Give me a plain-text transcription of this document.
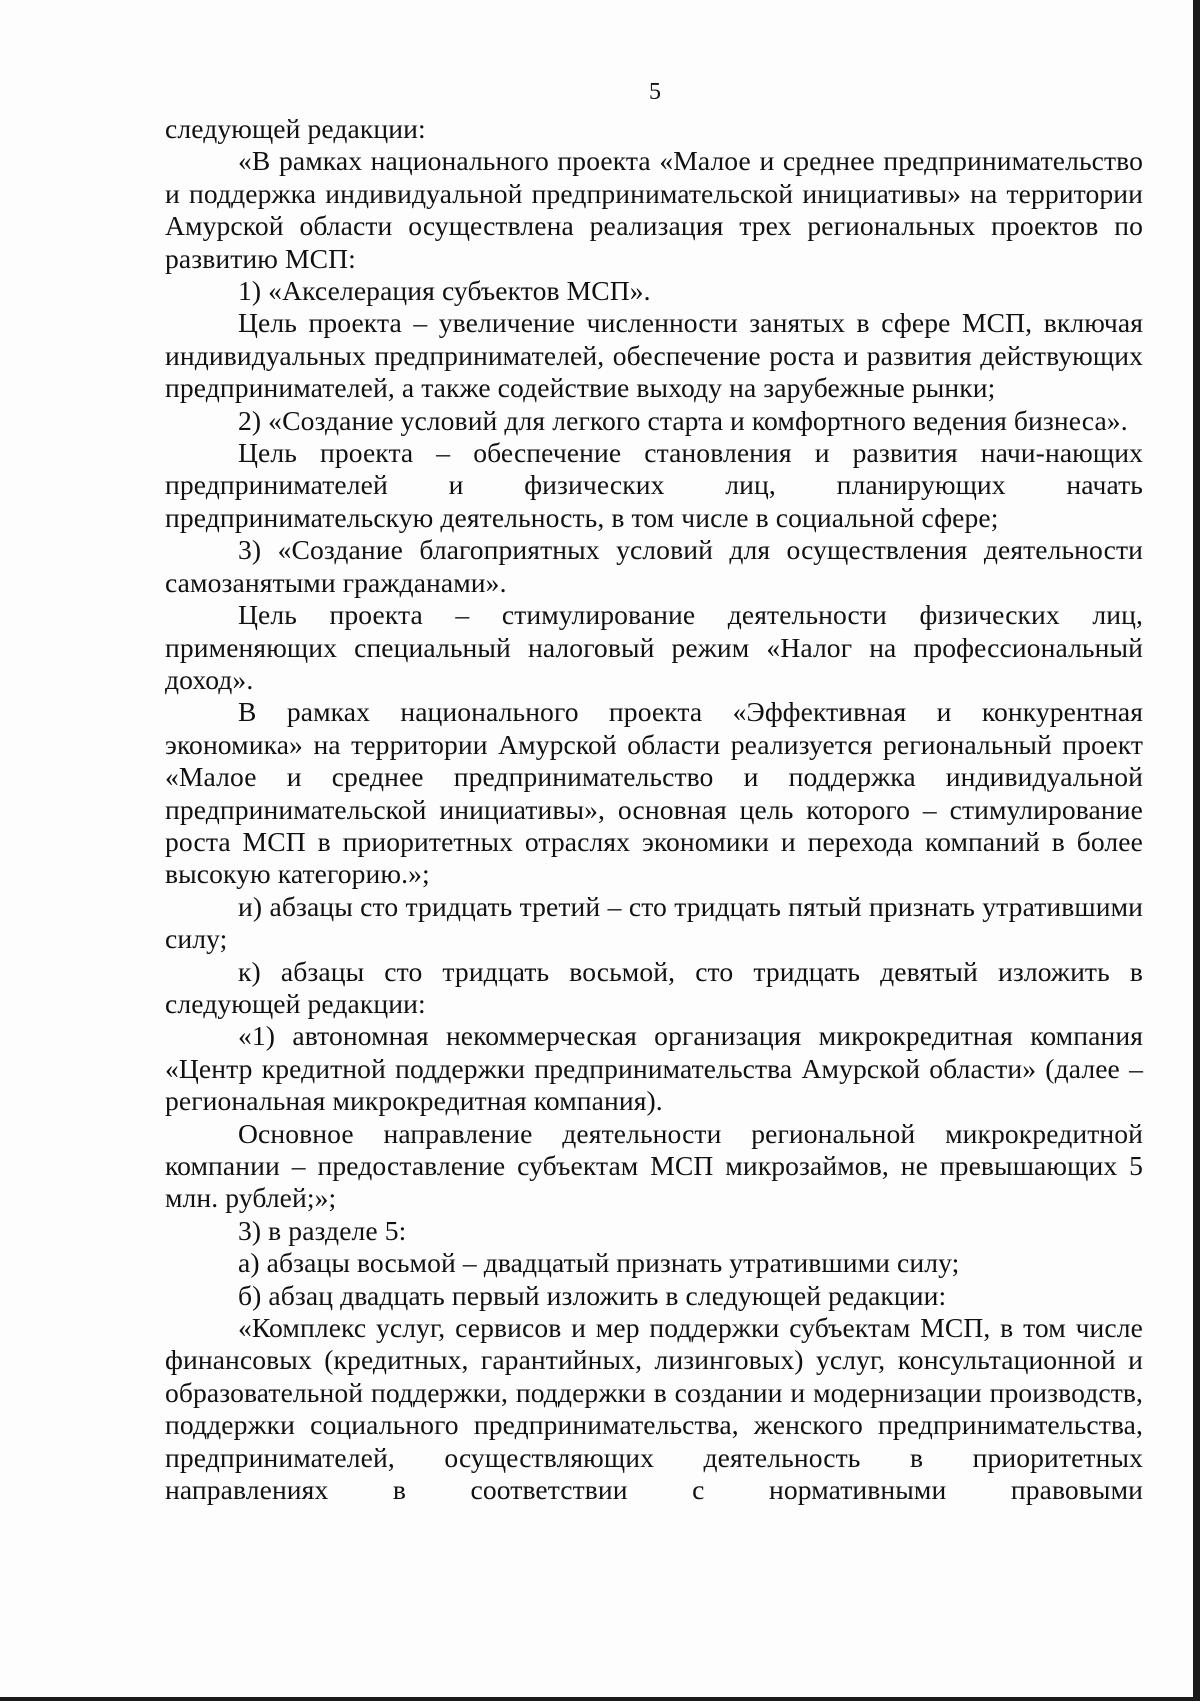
5

следующей редакции:

«В рамках национального проекта «Малое и среднее предпринимательство и поддержка индивидуальной предпринимательской инициативы» на территории Амурской области осуществлена реализация трех региональных проектов по развитию МСП:

1) «Акселерация субъектов МСП».

Цель проекта – увеличение численности занятых в сфере МСП, включая индивидуальных предпринимателей, обеспечение роста и развития действующих предпринимателей, а также содействие выходу на зарубежные рынки;

2) «Создание условий для легкого старта и комфортного ведения бизнеса».

Цель проекта – обеспечение становления и развития начи-нающих предпринимателей и физических лиц, планирующих начать предпринимательскую деятельность, в том числе в социальной сфере;

3) «Создание благоприятных условий для осуществления деятельности самозанятыми гражданами».

Цель проекта – стимулирование деятельности физических лиц, применяющих специальный налоговый режим «Налог на профессиональный доход».

В рамках национального проекта «Эффективная и конкурентная экономика» на территории Амурской области реализуется региональный проект «Малое и среднее предпринимательство и поддержка индивидуальной предпринимательской инициативы», основная цель которого – стимулирование роста МСП в приоритетных отраслях экономики и перехода компаний в более высокую категорию.»;

и) абзацы сто тридцать третий – сто тридцать пятый признать утратившими силу;

к) абзацы сто тридцать восьмой, сто тридцать девятый изложить в следующей редакции:

«1) автономная некоммерческая организация микрокредитная компания «Центр кредитной поддержки предпринимательства Амурской области» (далее – региональная микрокредитная компания).

Основное направление деятельности региональной микрокредитной компании – предоставление субъектам МСП микрозаймов, не превышающих 5 млн. рублей;»;

3) в разделе 5:

а) абзацы восьмой – двадцатый признать утратившими силу;

б) абзац двадцать первый изложить в следующей редакции:

«Комплекс услуг, сервисов и мер поддержки субъектам МСП, в том числе финансовых (кредитных, гарантийных, лизинговых) услуг, консультационной и образовательной поддержки, поддержки в создании и модернизации производств, поддержки социального предпринимательства, женского предпринимательства, предпринимателей, осуществляющих деятельность в приоритетных направлениях в соответствии с нормативными правовыми
